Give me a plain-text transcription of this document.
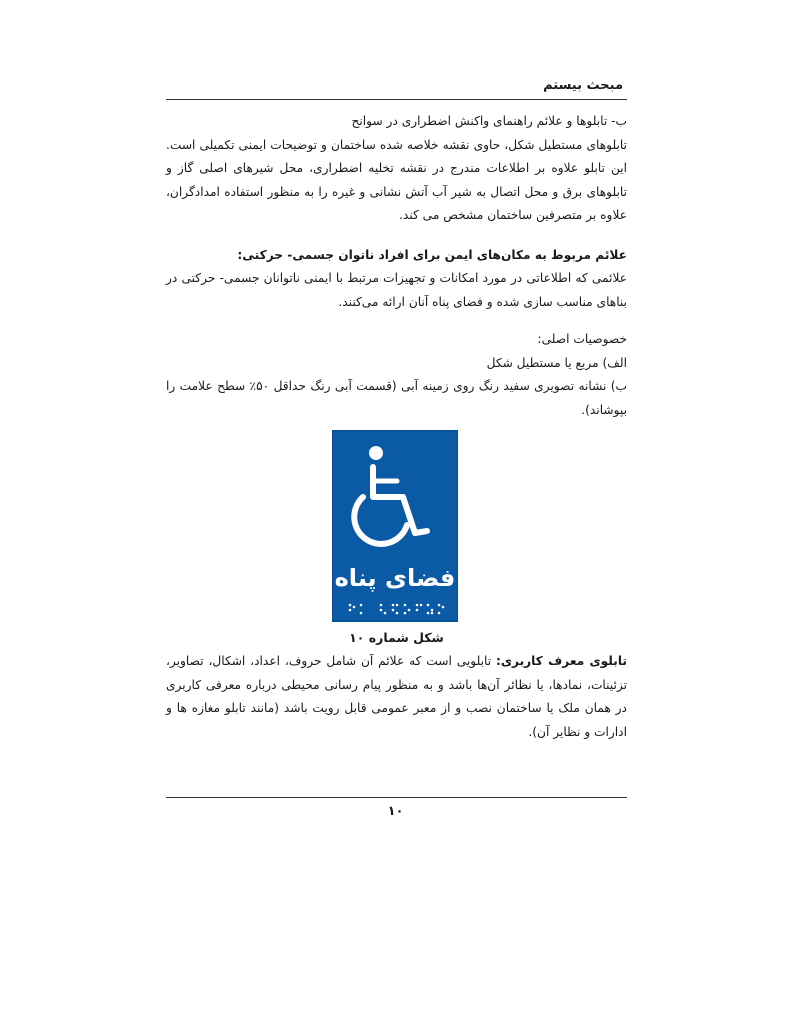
مبحث بیستم

ب- تابلوها و علائم راهنمای واکنش اضطراری در سوانح

تابلوهای مستطیل شکل، حاوی نقشه خلاصه شده ساختمان و توضیحات ایمنی تکمیلی است. این تابلو علاوه بر اطلاعات مندرج در نقشه تخلیه اضطراری، محل شیرهای اصلی گاز و تابلوهای برق و محل اتصال به شیر آب آتش نشانی و غیره را به منظور استفاده امدادگران، علاوه بر متصرفین ساختمان مشخص می کند.

علائم مربوط به مکان‌های ایمن برای افراد ناتوان جسمی- حرکتی:

علائمی که اطلاعاتی در مورد امکانات و تجهیزات مرتبط با ایمنی ناتوانان جسمی- حرکتی در بناهای مناسب سازی شده و فضای پناه آنان ارائه می‌کنند.

خصوصیات اصلی:

الف) مربع یا مستطیل شکل

ب) نشانه تصویری سفید رنگ روی زمینه آبی (قسمت آبی رنگ حداقل ۵۰٪ سطح علامت را بپوشاند).

فضای پناه
شکل شماره ۱۰

تابلوی معرف کاربری: تابلویی است که علائم آن شامل حروف، اعداد، اشکال، تصاویر، تزئینات، نمادها، یا نظائر آن‌ها باشد و به منظور پیام رسانی محیطی درباره معرفی کاربری در همان ملک یا ساختمان نصب و از معبر عمومی قابل رویت باشد (مانند تابلو مغازه ها و ادارات و نظایر آن).

۱۰
